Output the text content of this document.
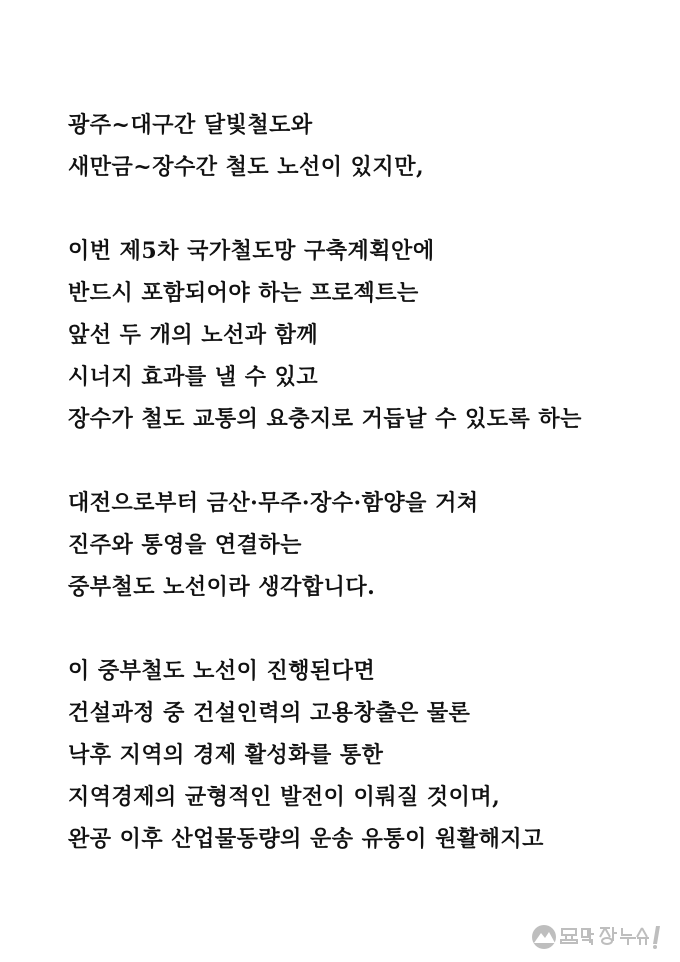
광주~대구간 달빛철도와
새만금~장수간 철도 노선이 있지만,
이번 제5차 국가철도망 구축계획안에
반드시 포함되어야 하는 프로젝트는
앞선 두 개의 노선과 함께
시너지 효과를 낼 수 있고
장수가 철도 교통의 요충지로 거듭날 수 있도록 하는
대전으로부터 금산·무주·장수·함양을 거쳐
진주와 통영을 연결하는
중부철도 노선이라 생각합니다.
이 중부철도 노선이 진행된다면
건설과정 중 건설인력의 고용창출은 물론
낙후 지역의 경제 활성화를 통한
지역경제의 균형적인 발전이 이뤄질 것이며,
완공 이후 산업물동량의 운송 유통이 원활해지고
